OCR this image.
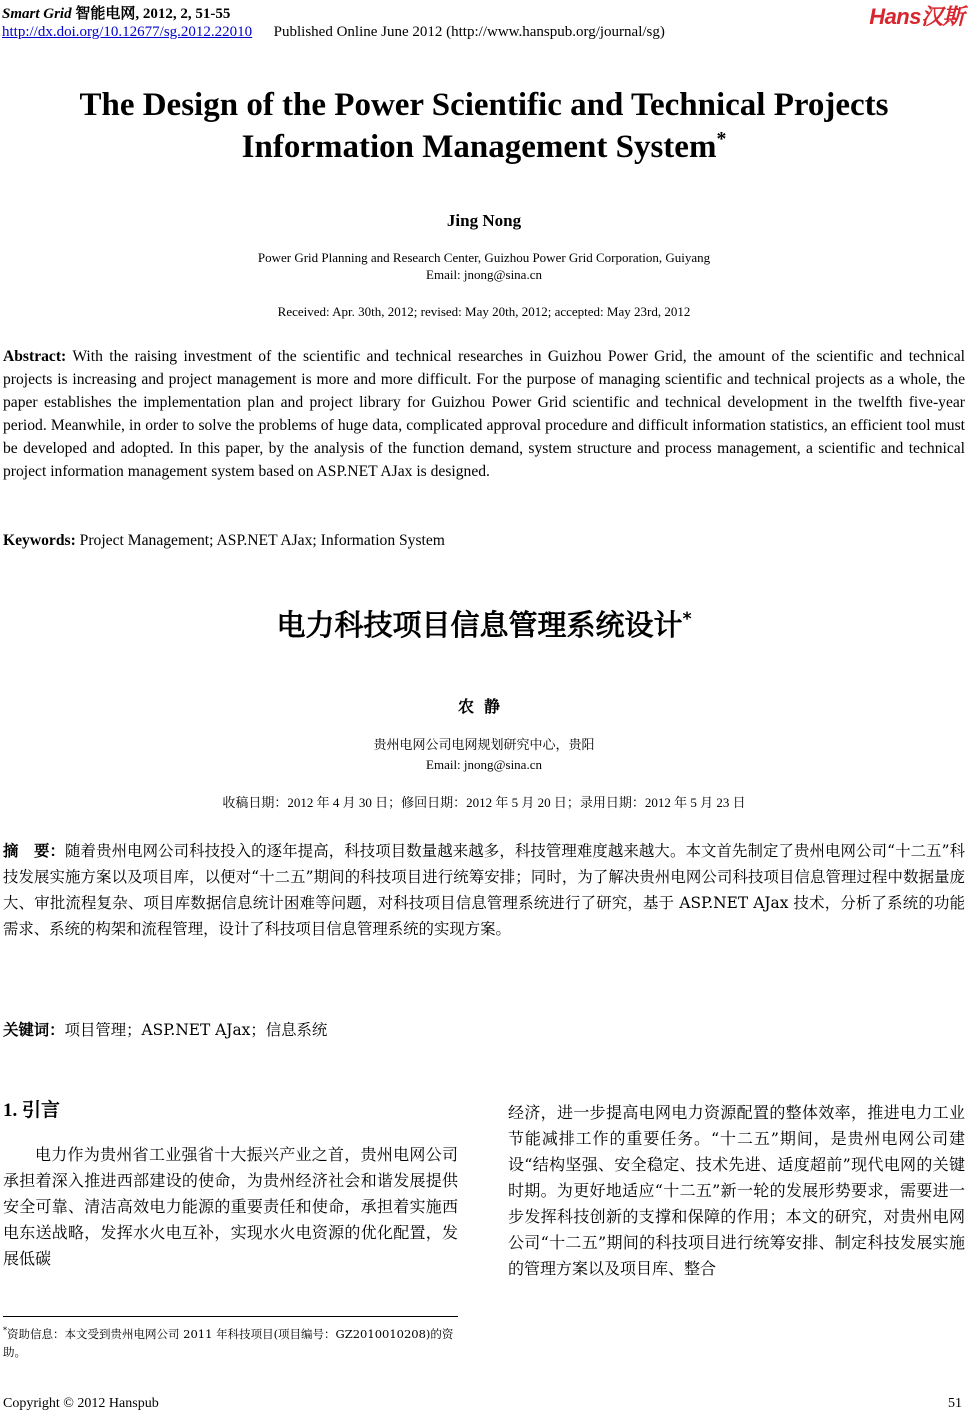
Smart Grid 智能电网, 2012, 2, 51-55
http://dx.doi.org/10.12677/sg.2012.22010 Published Online June 2012 (http://www.hanspub.org/journal/sg)
Hans汉斯
The Design of the Power Scientific and Technical Projects Information Management System*
Jing Nong
Power Grid Planning and Research Center, Guizhou Power Grid Corporation, Guiyang
Email: jnong@sina.cn
Received: Apr. 30th, 2012; revised: May 20th, 2012; accepted: May 23rd, 2012
Abstract: With the raising investment of the scientific and technical researches in Guizhou Power Grid, the amount of the scientific and technical projects is increasing and project management is more and more difficult. For the purpose of managing scientific and technical projects as a whole, the paper establishes the implementation plan and project library for Guizhou Power Grid scientific and technical development in the twelfth five-year period. Meanwhile, in order to solve the problems of huge data, complicated approval procedure and difficult information statistics, an efficient tool must be developed and adopted. In this paper, by the analysis of the function demand, system structure and process management, a scientific and technical project information management system based on ASP.NET AJax is designed.
Keywords: Project Management; ASP.NET AJax; Information System
电力科技项目信息管理系统设计*
农静
贵州电网公司电网规划研究中心，贵阳
Email: jnong@sina.cn
收稿日期：2012 年 4 月 30 日；修回日期：2012 年 5 月 20 日；录用日期：2012 年 5 月 23 日
摘　要：随着贵州电网公司科技投入的逐年提高，科技项目数量越来越多，科技管理难度越来越大。本文首先制定了贵州电网公司“十二五”科技发展实施方案以及项目库，以便对“十二五”期间的科技项目进行统筹安排；同时，为了解决贵州电网公司科技项目信息管理过程中数据量庞大、审批流程复杂、项目库数据信息统计困难等问题，对科技项目信息管理系统进行了研究，基于 ASP.NET AJax 技术，分析了系统的功能需求、系统的构架和流程管理，设计了科技项目信息管理系统的实现方案。
关键词：项目管理；ASP.NET AJax；信息系统
1. 引言
电力作为贵州省工业强省十大振兴产业之首，贵州电网公司承担着深入推进西部建设的使命，为贵州经济社会和谐发展提供安全可靠、清洁高效电力能源的重要责任和使命，承担着实施西电东送战略，发挥水火电互补，实现水火电资源的优化配置，发展低碳
经济，进一步提高电网电力资源配置的整体效率，推进电力工业节能减排工作的重要任务。“十二五”期间，是贵州电网公司建设“结构坚强、安全稳定、技术先进、适度超前”现代电网的关键时期。为更好地适应“十二五”新一轮的发展形势要求，需要进一步发挥科技创新的支撑和保障的作用；本文的研究，对贵州电网公司“十二五”期间的科技项目进行统筹安排、制定科技发展实施的管理方案以及项目库、整合
*资助信息：本文受到贵州电网公司 2011 年科技项目(项目编号：GZ2010010208)的资助。
Copyright © 2012 Hanspub	51
